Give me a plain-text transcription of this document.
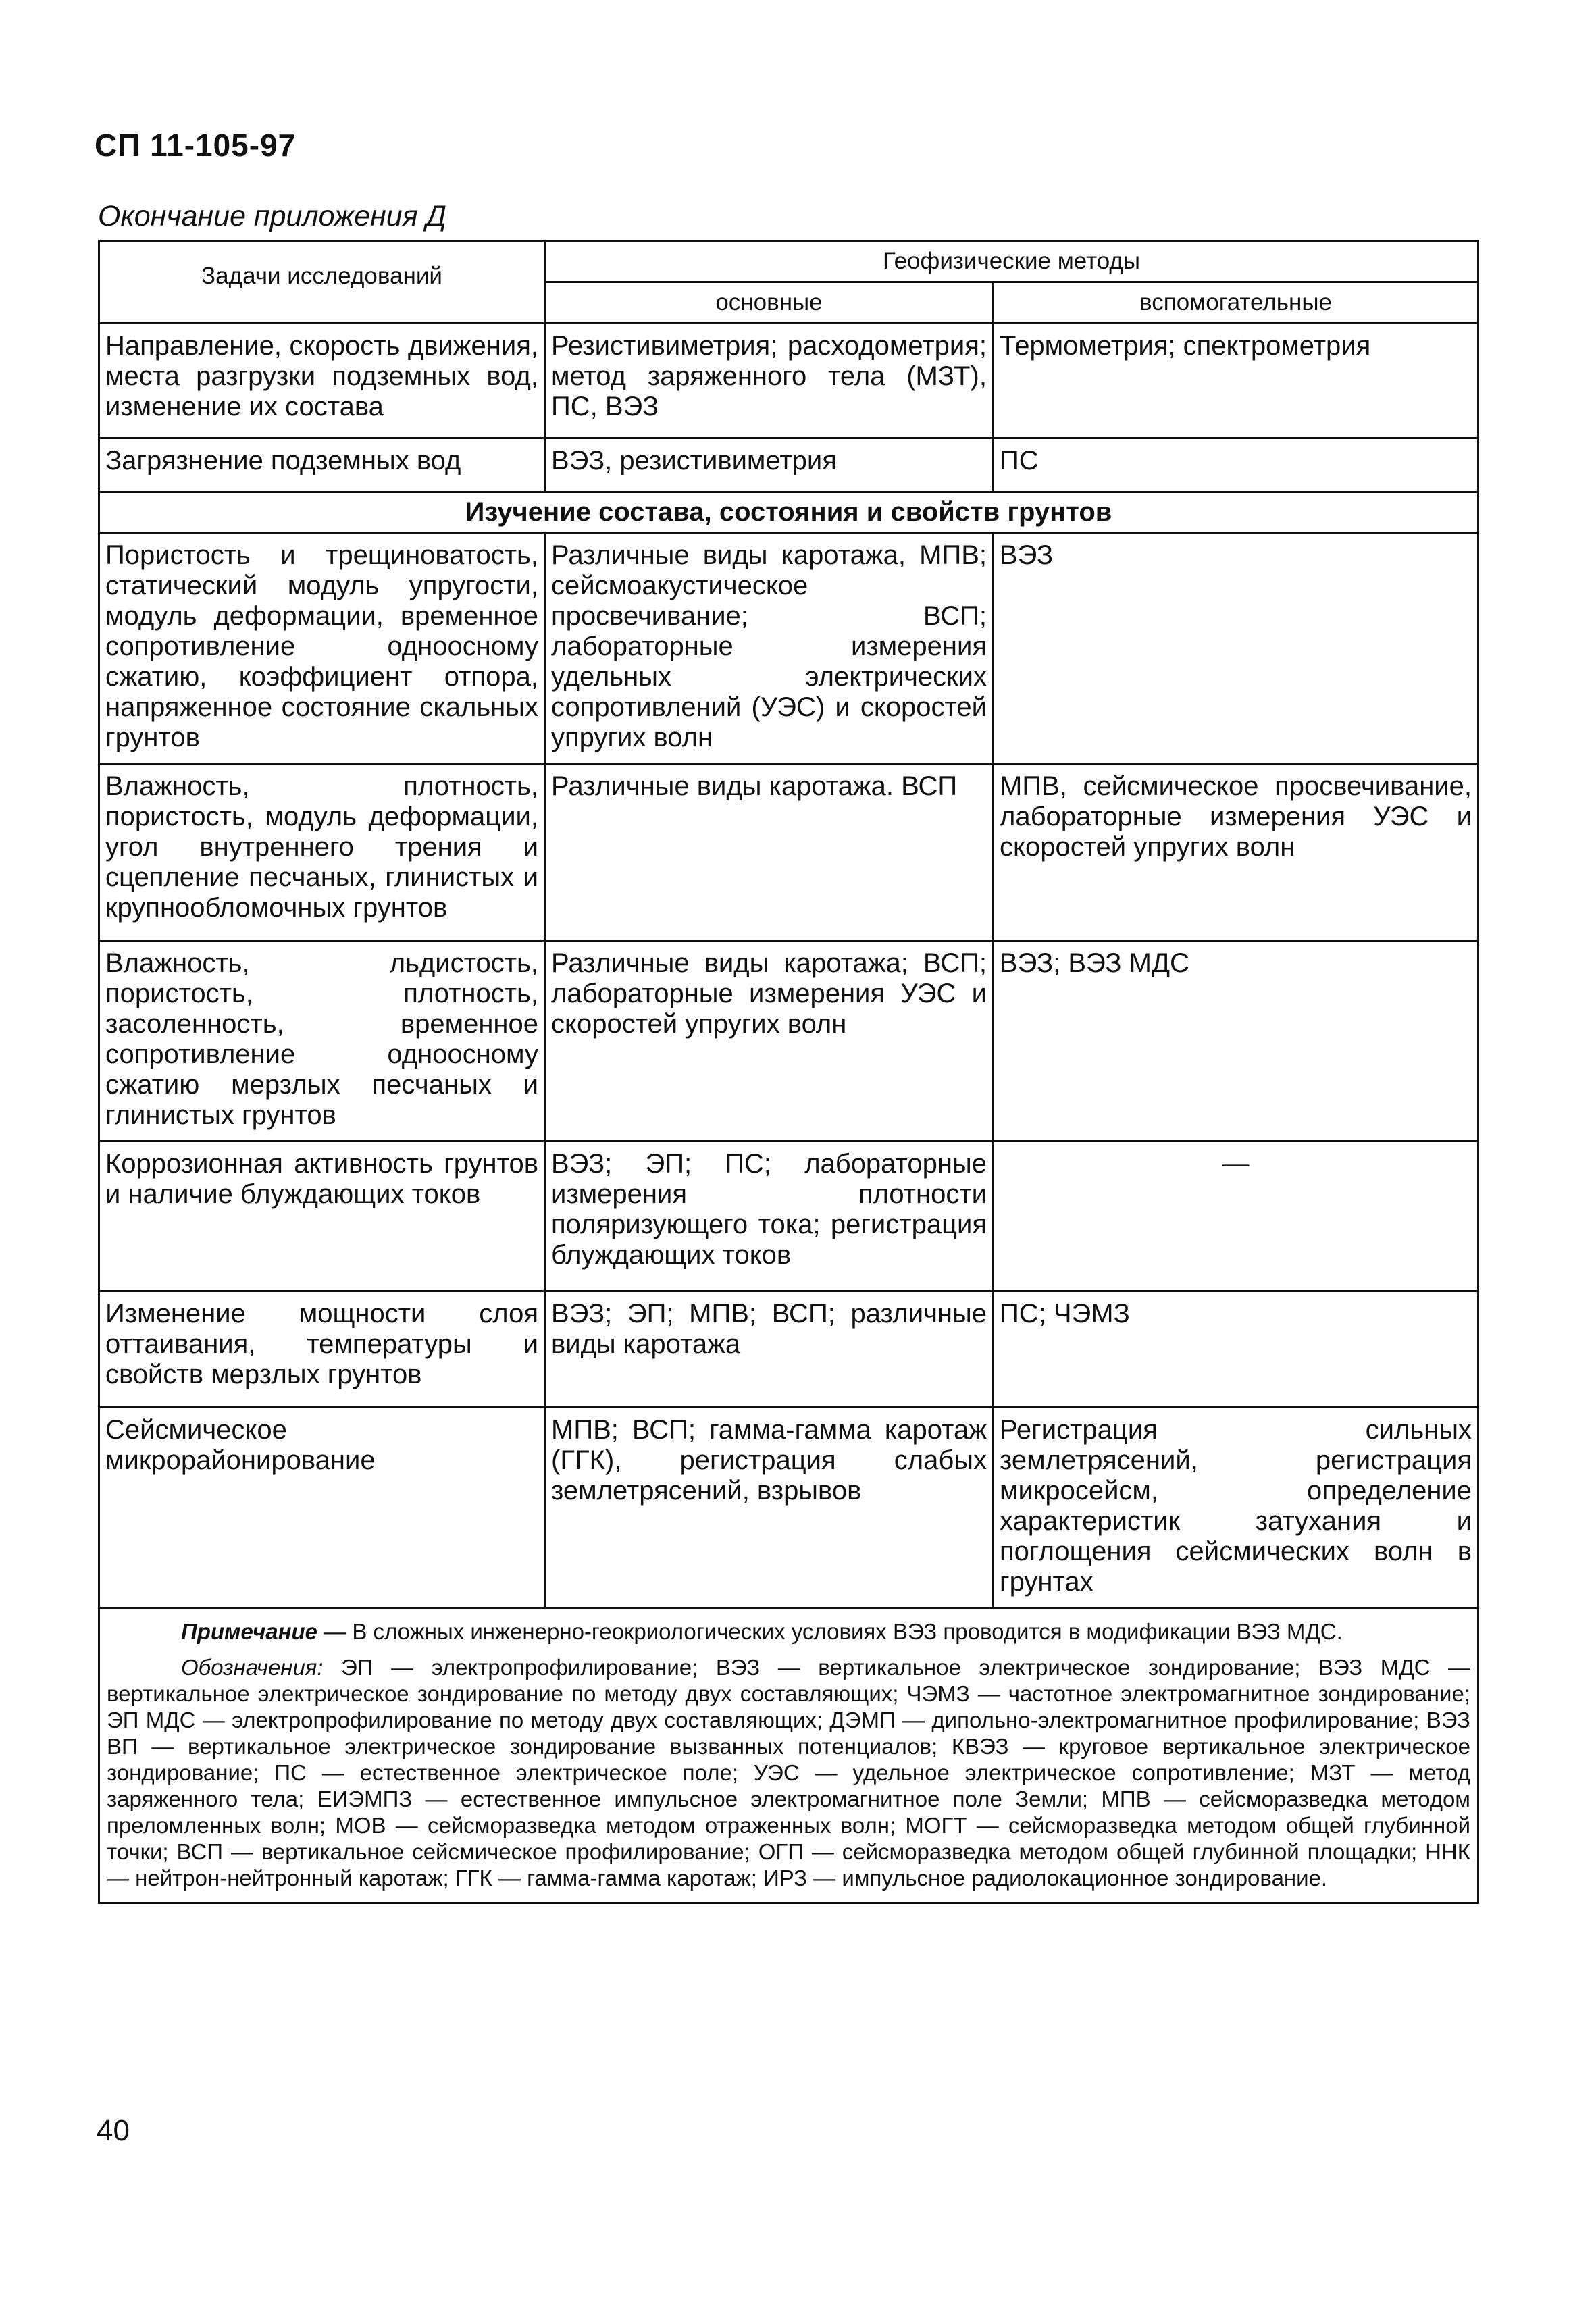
СП 11-105-97
Окончание приложения Д
Задачи исследований	Геофизические методы	
	основные	вспомогательные
Направление, скорость движения, места разгрузки подземных вод, изменение их состава	Резистивиметрия; расходометрия; метод заряженного тела (МЗТ), ПС, ВЭЗ	Термометрия; спектрометрия
Загрязнение подземных вод	ВЭЗ, резистивиметрия	ПС
Изучение состава, состояния и свойств грунтов		
Пористость и трещиноватость, статический модуль упругости, модуль деформации, временное сопротивление одноосному сжатию, коэффициент отпора, напряженное состояние скальных грунтов	Различные виды каротажа, МПВ; сейсмоакустическое просвечивание; ВСП; лабораторные измерения удельных электрических сопротивлений (УЭС) и скоростей упругих волн	ВЭЗ
Влажность, плотность, пористость, модуль деформации, угол внутреннего трения и сцепление песчаных, глинистых и крупнообломочных грунтов	Различные виды каротажа. ВСП	МПВ, сейсмическое просвечивание, лабораторные измерения УЭС и скоростей упругих волн
Влажность, льдистость, пористость, плотность, засоленность, временное сопротивление одноосному сжатию мерзлых песчаных и глинистых грунтов	Различные виды каротажа; ВСП; лабораторные измерения УЭС и скоростей упругих волн	ВЭЗ; ВЭЗ МДС
Коррозионная активность грунтов и наличие блуждающих токов	ВЭЗ; ЭП; ПС; лабораторные измерения плотности поляризующего тока; регистрация блуждающих токов	—
Изменение мощности слоя оттаивания, температуры и свойств мерзлых грунтов	ВЭЗ; ЭП; МПВ; ВСП; различные виды каротажа	ПС; ЧЭМЗ
Сейсмическое микрорайонирование	МПВ; ВСП; гамма-гамма каротаж (ГГК), регистрация слабых землетрясений, взрывов	Регистрация сильных землетрясений, регистрация микросейсм, определение характеристик затухания и поглощения сейсмических волн в грунтах

Примечание — В сложных инженерно-геокриологических условиях ВЭЗ проводится в модификации ВЭЗ МДС.

Обозначения: ЭП — электропрофилирование; ВЭЗ — вертикальное электрическое зондирование; ВЭЗ МДС — вертикальное электрическое зондирование по методу двух составляющих; ЧЭМЗ — частотное электромагнитное зондирование; ЭП МДС — электропрофилирование по методу двух составляющих; ДЭМП — дипольно-электромагнитное профилирование; ВЭЗ ВП — вертикальное электрическое зондирование вызванных потенциалов; КВЭЗ — круговое вертикальное электрическое зондирование; ПС — естественное электрическое поле; УЭС — удельное электрическое сопротивление; МЗТ — метод заряженного тела; ЕИЭМПЗ — естественное импульсное электромагнитное поле Земли; МПВ — сейсморазведка методом преломленных волн; МОВ — сейсморазведка методом отраженных волн; МОГТ — сейсморазведка методом общей глубинной точки; ВСП — вертикальное сейсмическое профилирование; ОГП — сейсморазведка методом общей глубинной площадки; ННК — нейтрон-нейтронный каротаж; ГГК — гамма-гамма каротаж; ИРЗ — импульсное радиолокационное зондирование.		

40
